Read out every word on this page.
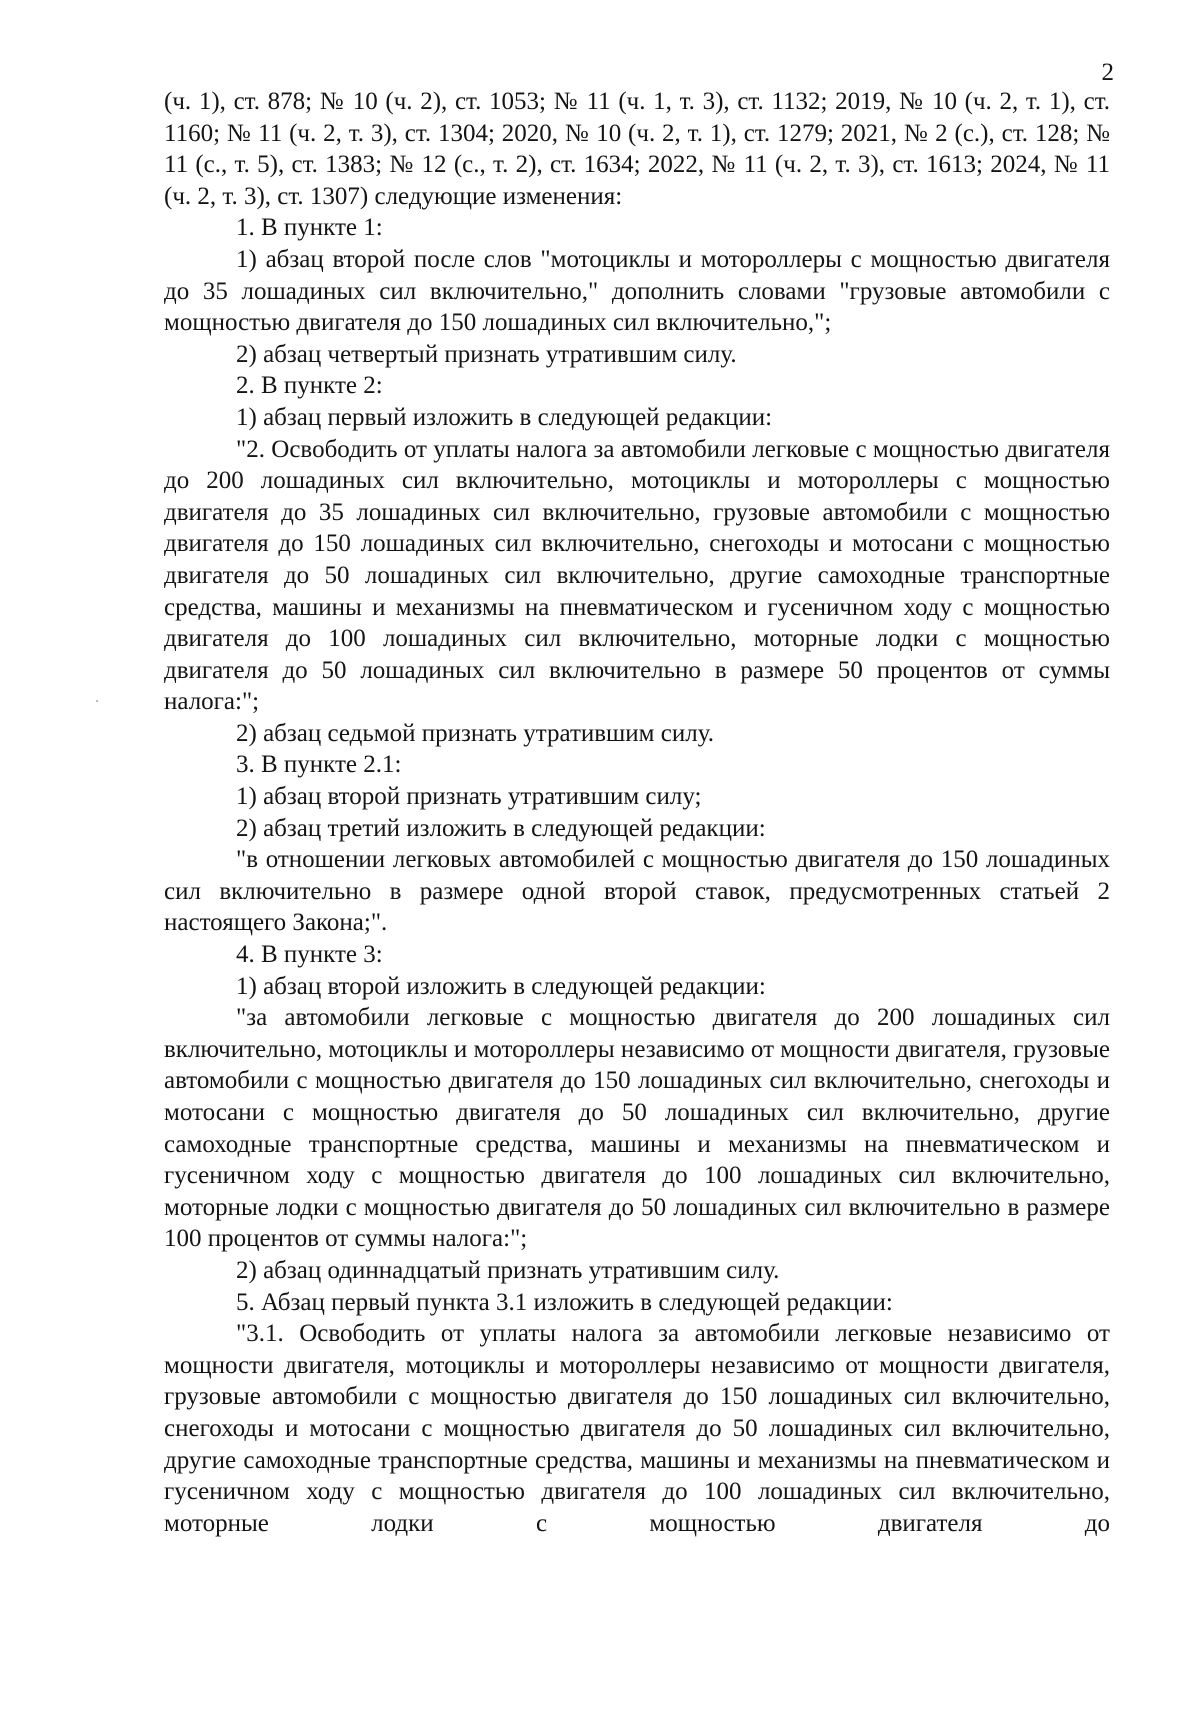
2

(ч. 1), ст. 878; № 10 (ч. 2), ст. 1053; № 11 (ч. 1, т. 3), ст. 1132; 2019, № 10 (ч. 2, т. 1), ст. 1160; № 11 (ч. 2, т. 3), ст. 1304; 2020, № 10 (ч. 2, т. 1), ст. 1279; 2021, № 2 (с.), ст. 128; № 11 (с., т. 5), ст. 1383; № 12 (с., т. 2), ст. 1634; 2022, № 11 (ч. 2, т. 3), ст. 1613; 2024, № 11 (ч. 2, т. 3), ст. 1307) следующие изменения:

1. В пункте 1:

1) абзац второй после слов "мотоциклы и мотороллеры с мощностью двигателя до 35 лошадиных сил включительно," дополнить словами "грузовые автомобили с мощностью двигателя до 150 лошадиных сил включительно,";

2) абзац четвертый признать утратившим силу.

2. В пункте 2:

1) абзац первый изложить в следующей редакции:

"2. Освободить от уплаты налога за автомобили легковые с мощностью двигателя до 200 лошадиных сил включительно, мотоциклы и мотороллеры с мощностью двигателя до 35 лошадиных сил включительно, грузовые автомобили с мощностью двигателя до 150 лошадиных сил включительно, снегоходы и мотосани с мощностью двигателя до 50 лошадиных сил включительно, другие самоходные транспортные средства, машины и механизмы на пневматическом и гусеничном ходу с мощностью двигателя до 100 лошадиных сил включительно, моторные лодки с мощностью двигателя до 50 лошадиных сил включительно в размере 50 процентов от суммы налога:";

2) абзац седьмой признать утратившим силу.

3. В пункте 2.1:

1) абзац второй признать утратившим силу;

2) абзац третий изложить в следующей редакции:

"в отношении легковых автомобилей с мощностью двигателя до 150 лошадиных сил включительно в размере одной второй ставок, предусмотренных статьей 2 настоящего Закона;".

4. В пункте 3:

1) абзац второй изложить в следующей редакции:

"за автомобили легковые с мощностью двигателя до 200 лошадиных сил включительно, мотоциклы и мотороллеры независимо от мощности двигателя, грузовые автомобили с мощностью двигателя до 150 лошадиных сил включительно, снегоходы и мотосани с мощностью двигателя до 50 лошадиных сил включительно, другие самоходные транспортные средства, машины и механизмы на пневматическом и гусеничном ходу с мощностью двигателя до 100 лошадиных сил включительно, моторные лодки с мощностью двигателя до 50 лошадиных сил включительно в размере 100 процентов от суммы налога:";

2) абзац одиннадцатый признать утратившим силу.

5. Абзац первый пункта 3.1 изложить в следующей редакции:

"3.1. Освободить от уплаты налога за автомобили легковые независимо от мощности двигателя, мотоциклы и мотороллеры независимо от мощности двигателя, грузовые автомобили с мощностью двигателя до 150 лошадиных сил включительно, снегоходы и мотосани с мощностью двигателя до 50 лошадиных сил включительно, другие самоходные транспортные средства, машины и механизмы на пневматическом и гусеничном ходу с мощностью двигателя до 100 лошадиных сил включительно, моторные лодки с мощностью двигателя до
